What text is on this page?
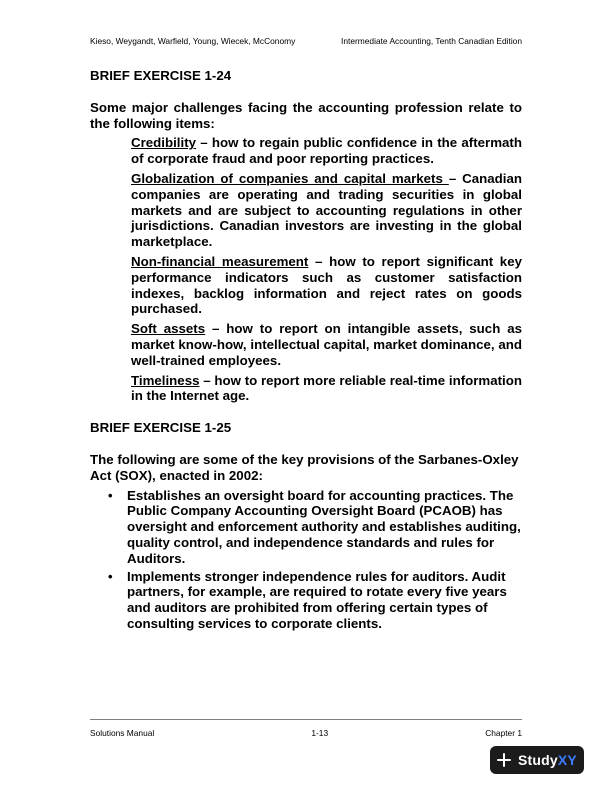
Kieso, Weygandt, Warfield, Young, Wiecek, McConomy	Intermediate Accounting, Tenth Canadian Edition
BRIEF EXERCISE 1-24
Some major challenges facing the accounting profession relate to the following items:
Credibility – how to regain public confidence in the aftermath of corporate fraud and poor reporting practices.
Globalization of companies and capital markets – Canadian companies are operating and trading securities in global markets and are subject to accounting regulations in other jurisdictions. Canadian investors are investing in the global marketplace.
Non-financial measurement – how to report significant key performance indicators such as customer satisfaction indexes, backlog information and reject rates on goods purchased.
Soft assets – how to report on intangible assets, such as market know-how, intellectual capital, market dominance, and well-trained employees.
Timeliness – how to report more reliable real-time information in the Internet age.
BRIEF EXERCISE 1-25
The following are some of the key provisions of the Sarbanes-Oxley Act (SOX), enacted in 2002:
• Establishes an oversight board for accounting practices. The Public Company Accounting Oversight Board (PCAOB) has oversight and enforcement authority and establishes auditing, quality control, and independence standards and rules for Auditors.
• Implements stronger independence rules for auditors. Audit partners, for example, are required to rotate every five years and auditors are prohibited from offering certain types of consulting services to corporate clients.
Solutions Manual	1-13	Chapter 1
StudyXY
